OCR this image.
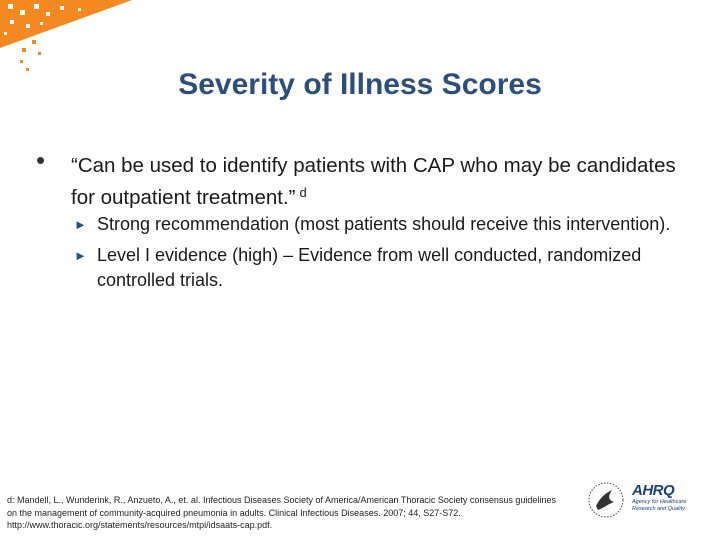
Severity of Illness Scores
• “Can be used to identify patients with CAP who may be candidates for outpatient treatment.” $^d$
► Strong recommendation (most patients should receive this intervention).
► Level I evidence (high) – Evidence from well conducted, randomized controlled trials.
d: Mandell, L., Wunderink, R., Anzueto, A., et. al. Infectious Diseases Society of America/American Thoracic Society consensus guidelines on the management of community-acquired pneumonia in adults. Clinical Infectious Diseases. 2007; 44, S27-S72. http://www.thoracic.org/statements/resources/mtpi/idsaats-cap.pdf.
AHRQ
Agency for Healthcare Research and Quality
